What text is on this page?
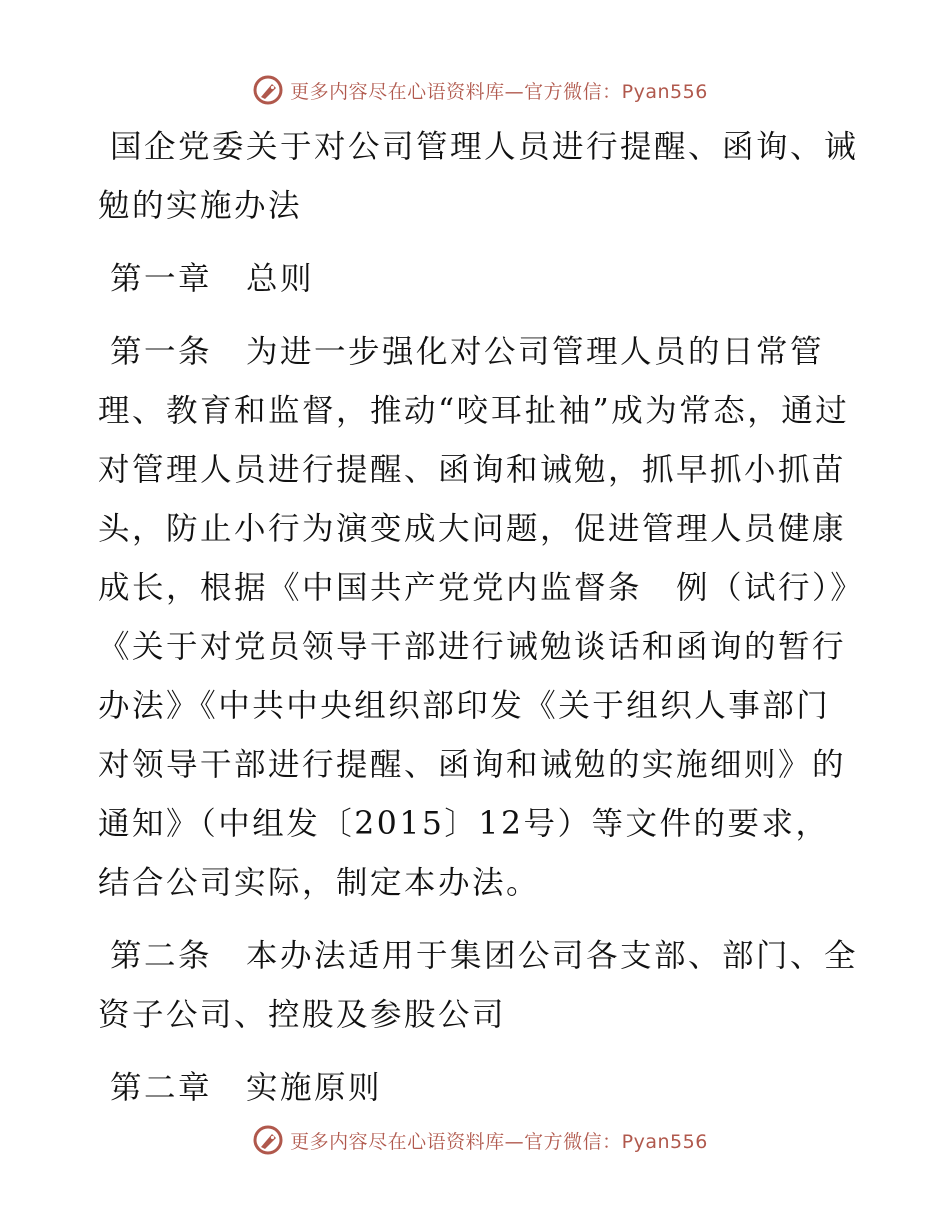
更多内容尽在心语资料库—官方微信：Pyan556

国企党委关于对公司管理人员进行提醒、函询、诫勉的实施办法

第一章　总则

第一条　为进一步强化对公司管理人员的日常管理、教育和监督，推动“咬耳扯袖”成为常态，通过对管理人员进行提醒、函询和诫勉，抓早抓小抓苗头，防止小行为演变成大问题，促进管理人员健康成长，根据《中国共产党党内监督条　例（试行）》《关于对党员领导干部进行诫勉谈话和函询的暂行办法》《中共中央组织部印发《关于组织人事部门对领导干部进行提醒、函询和诫勉的实施细则》的通知》（中组发〔2015〕12号）等文件的要求，结合公司实际，制定本办法。

第二条　本办法适用于集团公司各支部、部门、全资子公司、控股及参股公司

第二章　实施原则

更多内容尽在心语资料库—官方微信：Pyan556
